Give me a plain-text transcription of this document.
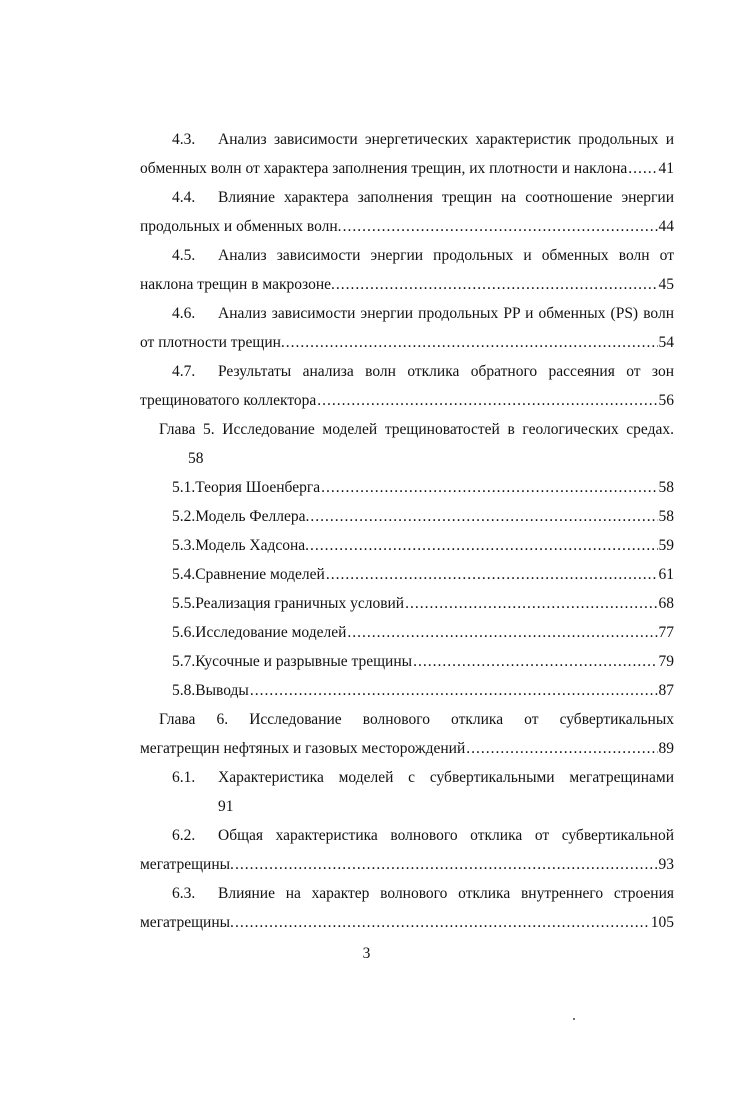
4.3. Анализ зависимости энергетических характеристик продольных и
обменных волн от характера заполнения трещин, их плотности и наклона ..... 41
4.4. Влияние характера заполнения трещин на соотношение энергии
продольных и обменных волн. .....	44
4.5. Анализ зависимости энергии продольных и обменных волн от
наклона трещин в макрозоне. .....	45
4.6. Анализ зависимости энергии продольных PP и обменных (PS) волн
от плотности трещин. .....	54
4.7. Результаты анализа волн отклика обратного рассеяния от зон
трещиноватого коллектора .....	56
Глава 5. Исследование моделей трещиноватостей в геологических средах.
58
5.1. Теория Шоенберга .....	58
5.2. Модель Феллера. .....	58
5.3. Модель Хадсона. .....	59
5.4. Сравнение моделей .....	61
5.5. Реализация граничных условий .....	68
5.6. Исследование моделей .....	77
5.7. Кусочные и разрывные трещины .....	79
5.8. Выводы .....	87
Глава 6. Исследование волнового отклика от субвертикальных
мегатрещин нефтяных и газовых месторождений .....	89
6.1. Характеристика моделей с субвертикальными мегатрещинами
91
6.2. Общая характеристика волнового отклика от субвертикальной
мегатрещины. .....	93
6.3. Влияние на характер волнового отклика внутреннего строения
мегатрещины. .....	105
3
